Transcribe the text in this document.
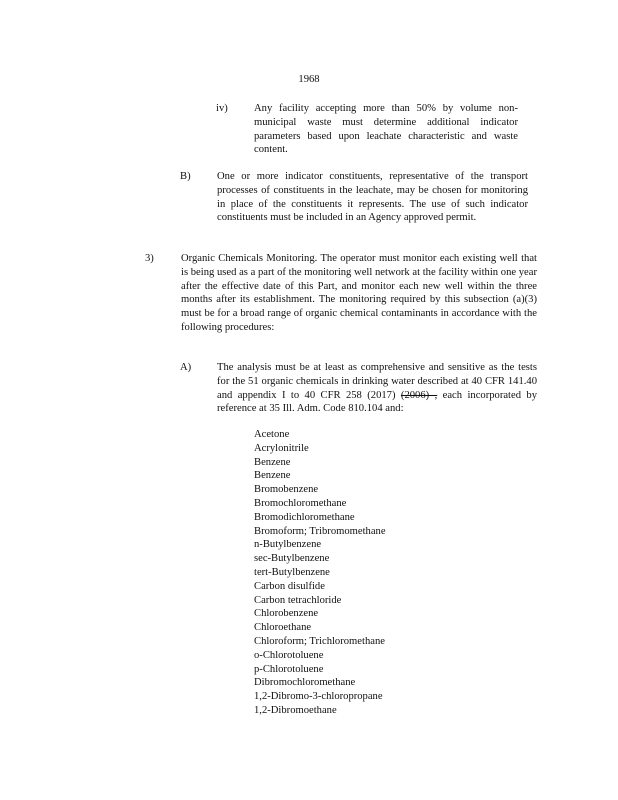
1968
iv) Any facility accepting more than 50% by volume non-municipal waste must determine additional indicator parameters based upon leachate characteristic and waste content.

B) One or more indicator constituents, representative of the transport processes of constituents in the leachate, may be chosen for monitoring in place of the constituents it represents. The use of such indicator constituents must be included in an Agency approved permit.

3)	Organic Chemicals Monitoring. The operator must monitor each existing well that is being used as a part of the monitoring well network at the facility within one year after the effective date of this Part, and monitor each new well within the three months after its establishment. The monitoring required by this subsection (a)(3) must be for a broad range of organic chemical contaminants in accordance with the following procedures:

A) The analysis must be at least as comprehensive and sensitive as the tests for the 51 organic chemicals in drinking water described at 40 CFR 141.40 and appendix I to 40 CFR 258 (2017) (2006) , each incorporated by reference at 35 Ill. Adm. Code 810.104 and:

Acetone
Acrylonitrile
Benzene
Benzene
Bromobenzene
Bromochloromethane
Bromodichloromethane
Bromoform; Tribromomethane
n-Butylbenzene
sec-Butylbenzene
tert-Butylbenzene
Carbon disulfide
Carbon tetrachloride
Chlorobenzene
Chloroethane
Chloroform; Trichloromethane
o-Chlorotoluene
p-Chlorotoluene
Dibromochloromethane
1,2-Dibromo-3-chloropropane
1,2-Dibromoethane
